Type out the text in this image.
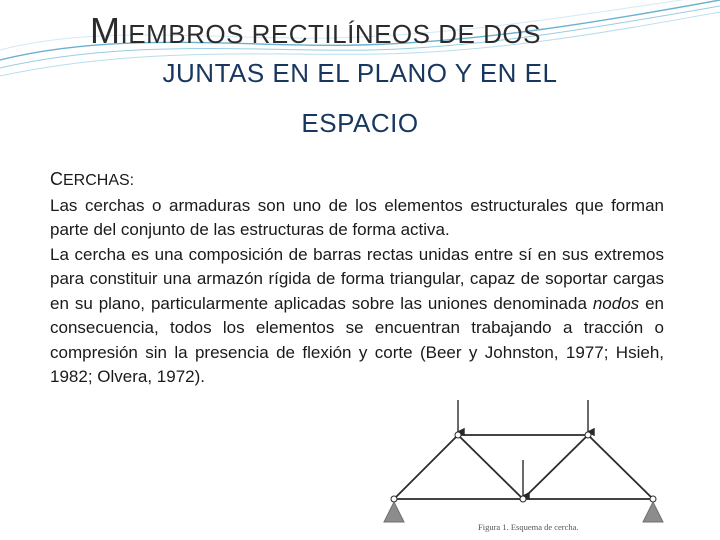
MIEMBROS RECTILÍNEOS DE DOS
JUNTAS EN EL PLANO Y EN EL
ESPACIO
CERCHAS:
Las cerchas o armaduras son uno de los elementos estructurales que forman parte del conjunto de las estructuras de forma activa.
La cercha es una composición de barras rectas unidas entre sí en sus extremos para constituir una armazón rígida de forma triangular, capaz de soportar cargas en su plano, particularmente aplicadas sobre las uniones denominada nodos en consecuencia, todos los elementos se encuentran trabajando a tracción o compresión sin la presencia de flexión y corte (Beer y Johnston, 1977; Hsieh, 1982; Olvera, 1972).
Figura 1. Esquema de cercha.
